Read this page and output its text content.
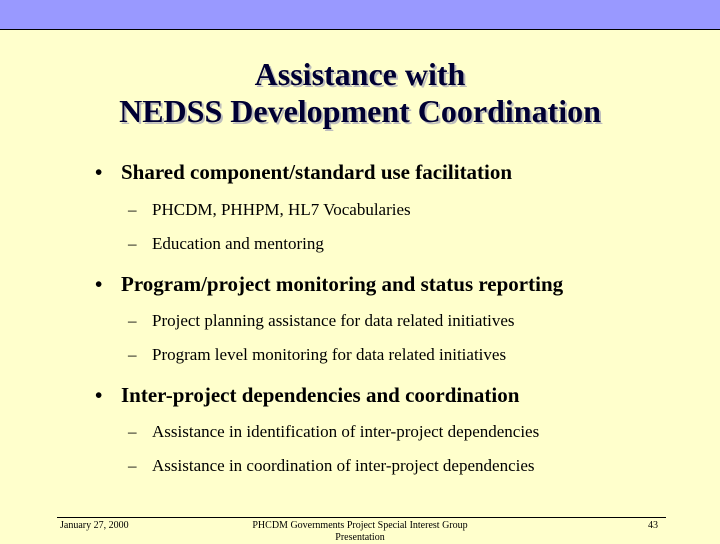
Assistance with
NEDSS Development Coordination
• Shared component/standard use facilitation
– PHCDM, PHHPM, HL7 Vocabularies
– Education and mentoring
• Program/project monitoring and status reporting
– Project planning assistance for data related initiatives
– Program level monitoring for data related initiatives
• Inter-project dependencies and coordination
– Assistance in identification of inter-project dependencies
– Assistance in coordination of inter-project dependencies
January 27, 2000	PHCDM Governments Project Special Interest Group Presentation
43
